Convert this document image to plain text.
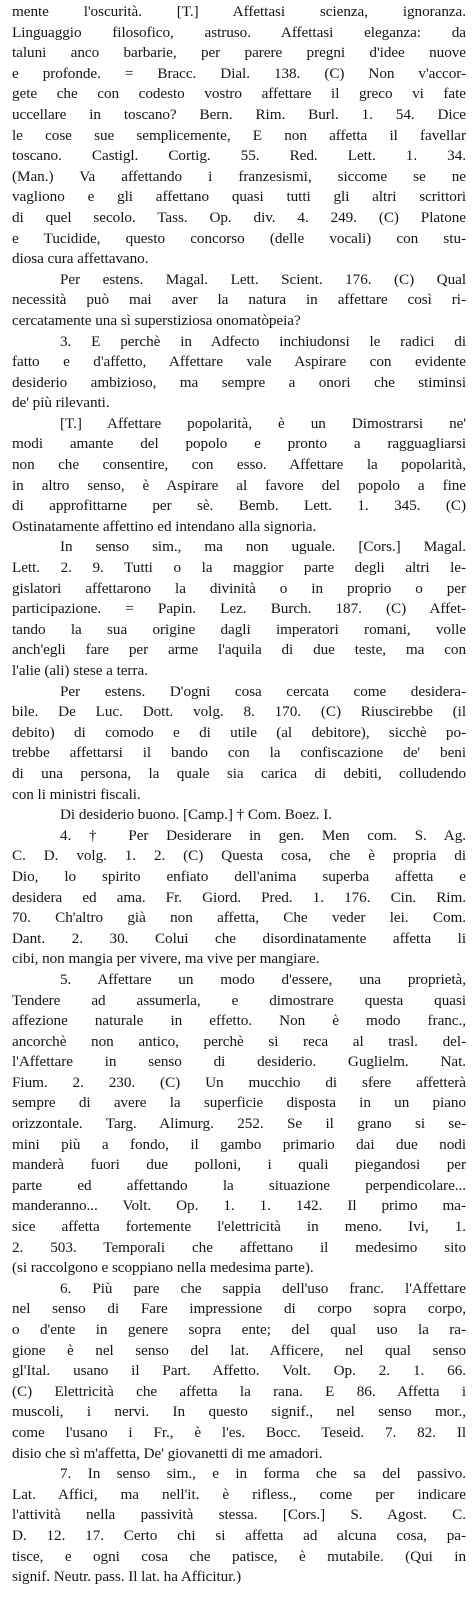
mente l'oscurità. [T.] Affettasi scienza, ignoranza.
Linguaggio filosofico, astruso. Affettasi eleganza: da
taluni anco barbarie, per parere pregni d'idee nuove
e profonde. = Bracc. Dial. 138. (C) Non v'accor-
gete che con codesto vostro affettare il greco vi fate
uccellare in toscano? Bern. Rim. Burl. 1. 54. Dice
le cose sue semplicemente, E non affetta il favellar
toscano. Castigl. Cortig. 55. Red. Lett. 1. 34.
(Man.) Va affettando i franzesismi, siccome se ne
vagliono e gli affettano quasi tutti gli altri scrittori
di quel secolo. Tass. Op. div. 4. 249. (C) Platone
e Tucidide, questo concorso (delle vocali) con stu-
diosa cura affettavano.
Per estens. Magal. Lett. Scient. 176. (C) Qual
necessità può mai aver la natura in affettare così ri-
cercatamente una sì superstiziosa onomatòpeia?
3. E perchè in Adfecto inchiudonsi le radici di
fatto e d'affetto, Affettare vale Aspirare con evidente
desiderio ambizioso, ma sempre a onori che stiminsi
de' più rilevanti.
[T.] Affettare popolarità, è un Dimostrarsi ne'
modi amante del popolo e pronto a ragguagliarsi
non che consentire, con esso. Affettare la popolarità,
in altro senso, è Aspirare al favore del popolo a fine
di approfittarne per sè. Bemb. Lett. 1. 345. (C)
Ostinatamente affettino ed intendano alla signoria.
In senso sim., ma non uguale. [Cors.] Magal.
Lett. 2. 9. Tutti o la maggior parte degli altri le-
gislatori affettarono la divinità o in proprio o per
participazione. = Papin. Lez. Burch. 187. (C) Affet-
tando la sua origine dagli imperatori romani, volle
anch'egli fare per arme l'aquila di due teste, ma con
l'alie (ali) stese a terra.
Per estens. D'ogni cosa cercata come desidera-
bile. De Luc. Dott. volg. 8. 170. (C) Riuscirebbe (il
debito) di comodo e di utile (al debitore), sicchè po-
trebbe affettarsi il bando con la confiscazione de' beni
di una persona, la quale sia carica di debiti, colludendo
con li ministri fiscali.
Di desiderio buono. [Camp.] † Com. Boez. I.
4. † Per Desiderare in gen. Men com. S. Ag.
C. D. volg. 1. 2. (C) Questa cosa, che è propria di
Dio, lo spirito enfiato dell'anima superba affetta e
desidera ed ama. Fr. Giord. Pred. 1. 176. Cin. Rim.
70. Ch'altro già non affetta, Che veder lei. Com.
Dant. 2. 30. Colui che disordinatamente affetta li
cibi, non mangia per vivere, ma vive per mangiare.
5. Affettare un modo d'essere, una proprietà,
Tendere ad assumerla, e dimostrare questa quasi
affezione naturale in effetto. Non è modo franc.,
ancorchè non antico, perchè si reca al trasl. del-
l'Affettare in senso di desiderio. Guglielm. Nat.
Fium. 2. 230. (C) Un mucchio di sfere affetterà
sempre di avere la superficie disposta in un piano
orizzontale. Targ. Alimurg. 252. Se il grano si se-
mini più a fondo, il gambo primario dai due nodi
manderà fuori due polloni, i quali piegandosi per
parte ed affettando la situazione perpendicolare...
manderanno... Volt. Op. 1. 1. 142. Il primo ma-
sice affetta fortemente l'elettricità in meno. Ivi, 1.
2. 503. Temporali che affettano il medesimo sito
(si raccolgono e scoppiano nella medesima parte).
6. Più pare che sappia dell'uso franc. l'Affettare
nel senso di Fare impressione di corpo sopra corpo,
o d'ente in genere sopra ente; del qual uso la ra-
gione è nel senso del lat. Afficere, nel qual senso
gl'Ital. usano il Part. Affetto. Volt. Op. 2. 1. 66.
(C) Elettricità che affetta la rana. E 86. Affetta i
muscoli, i nervi. In questo signif., nel senso mor.,
come l'usano i Fr., è l'es. Bocc. Teseid. 7. 82. Il
disio che sì m'affetta, De' giovanetti di me amadori.
7. In senso sim., e in forma che sa del passivo.
Lat. Affici, ma nell'it. è rifless., come per indicare
l'attività nella passività stessa. [Cors.] S. Agost. C.
D. 12. 17. Certo chi si affetta ad alcuna cosa, pa-
tisce, e ogni cosa che patisce, è mutabile. (Qui in
signif. Neutr. pass. Il lat. ha Afficitur.)
